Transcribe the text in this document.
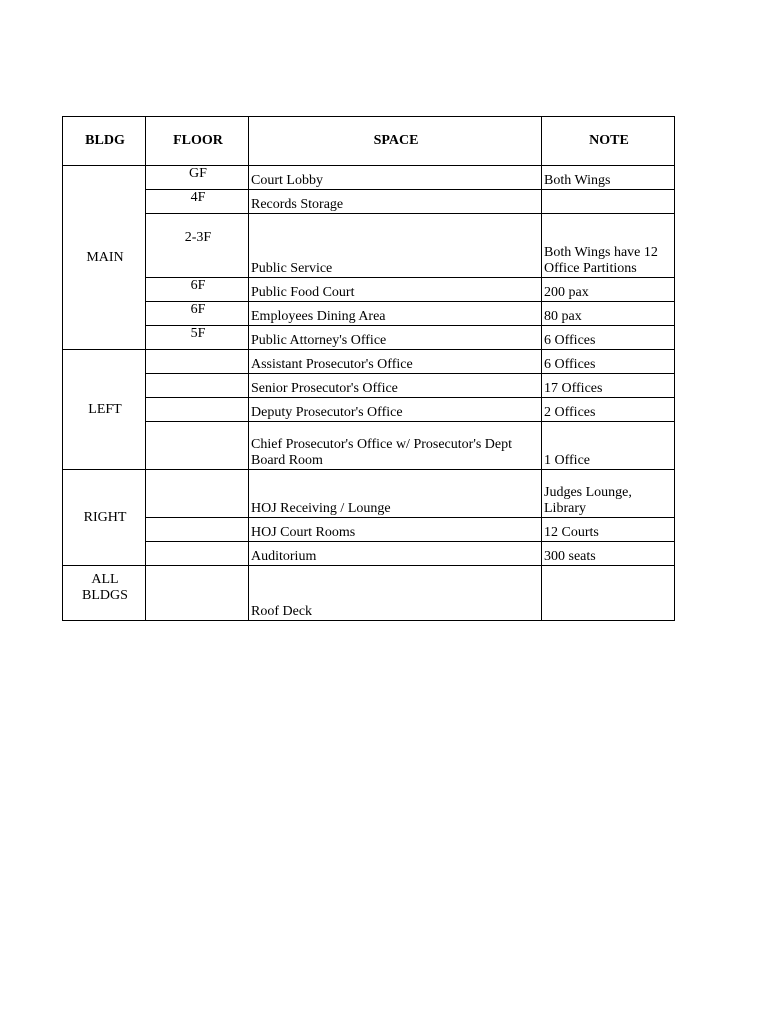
BLDG	FLOOR	SPACE	NOTE
MAIN	GF	Court Lobby	Both Wings
	4F	Records Storage	
	2-3F	Public Service	Both Wings have 12
Office Partitions

	6F	Public Food Court	200 pax
	6F	Employees Dining Area	80 pax
	5F	Public Attorney's Office	6 Offices
LEFT		Assistant Prosecutor's Office	6 Offices
		Senior Prosecutor's Office	17 Offices
		Deputy Prosecutor's Office	2 Offices

		Chief Prosecutor's Office w/ Prosecutor's Dept
Board Room	1 Office
RIGHT		HOJ Receiving / Lounge	Judges Lounge,
Library

		HOJ Court Rooms	12 Courts
		Auditorium	300 seats

ALL
BLDGS		Roof Deck	
